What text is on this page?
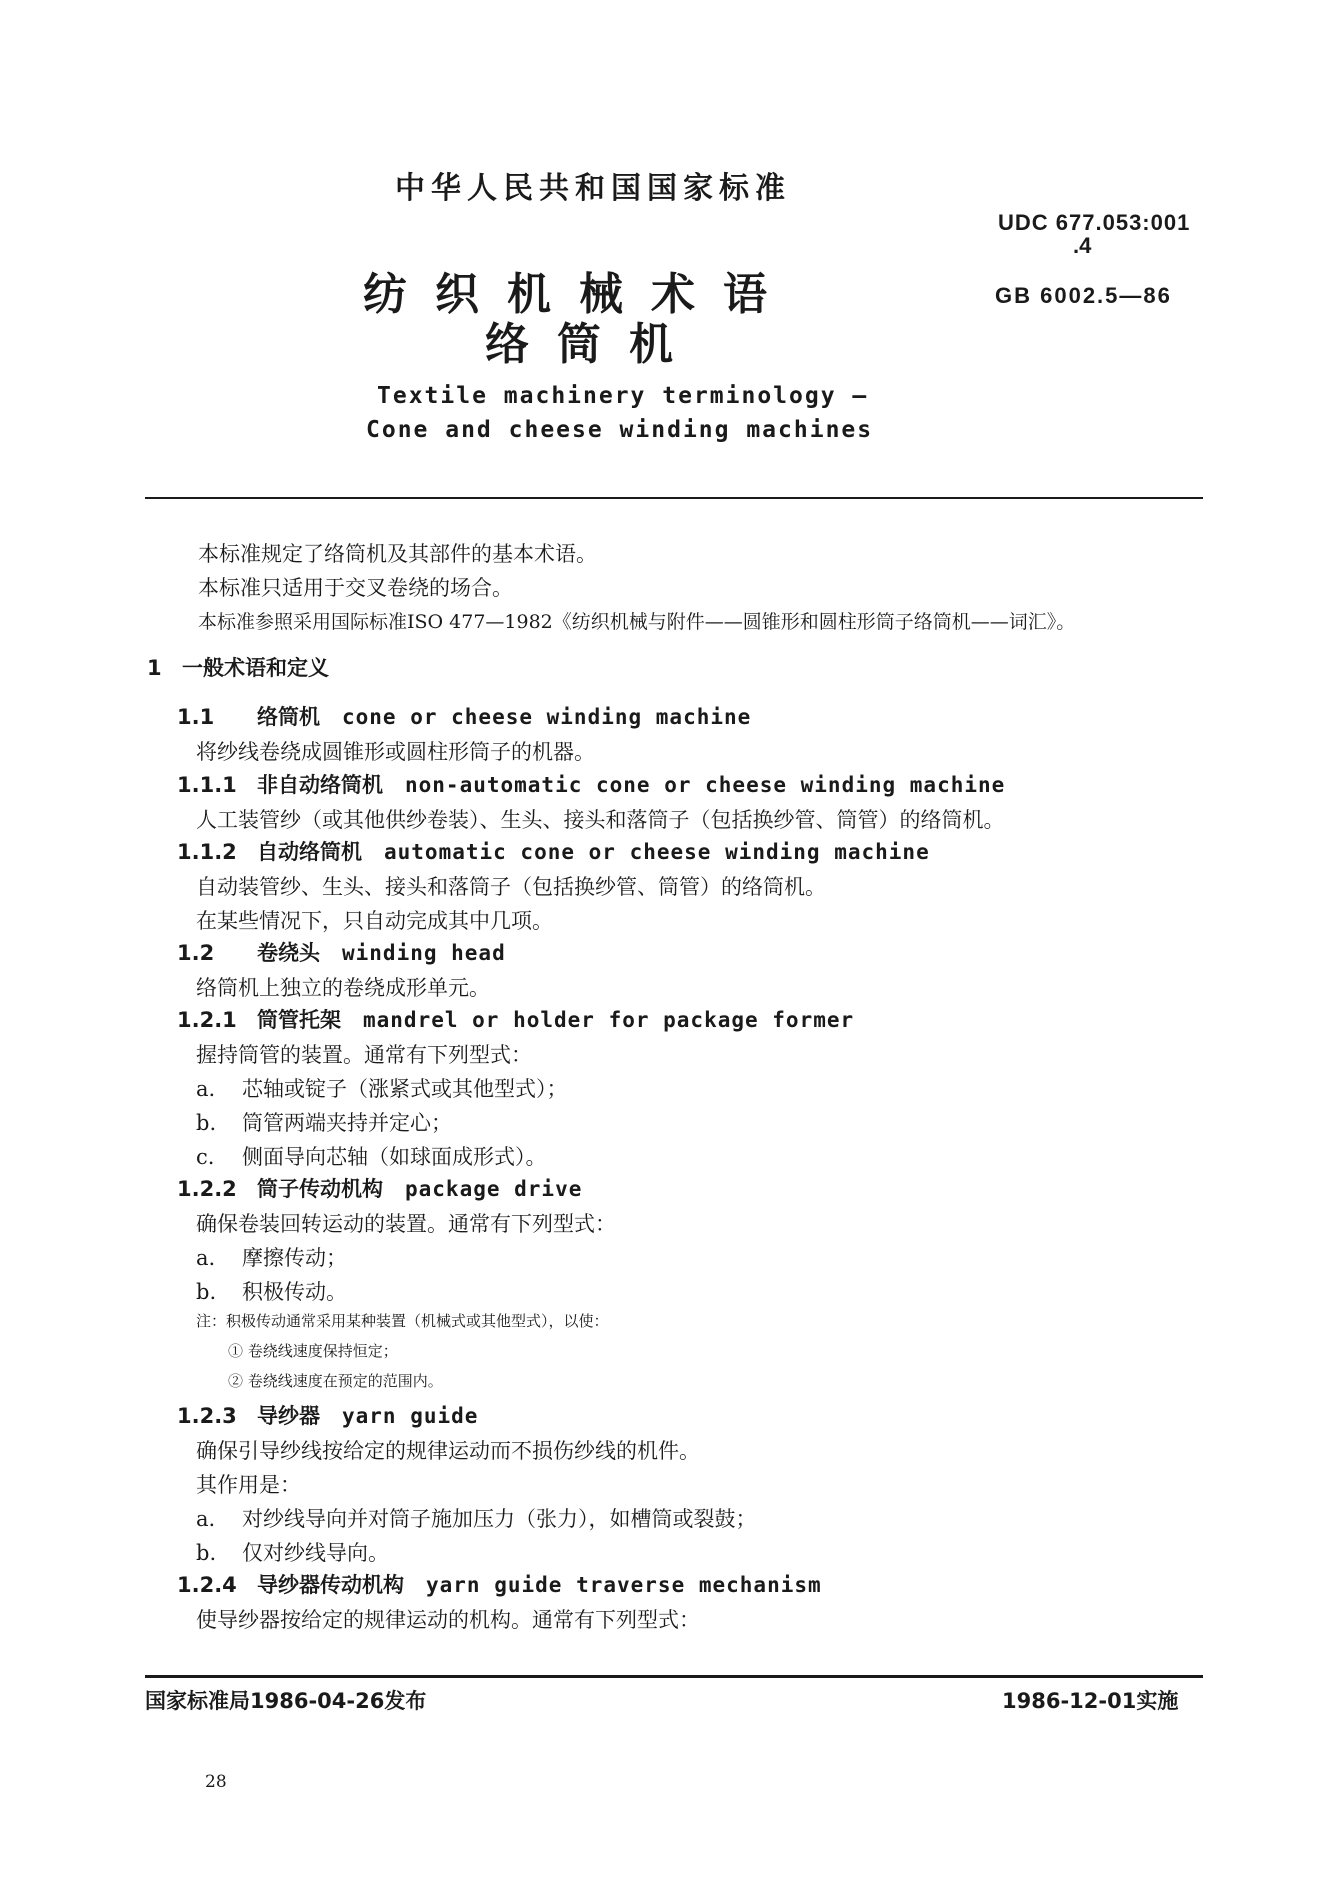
中华人民共和国国家标准
UDC 677.053:001
.4
GB 6002.5—86
纺织机械术语
络筒机
Textile machinery terminology —
Cone and cheese winding machines
本标准规定了络筒机及其部件的基本术语。
本标准只适用于交叉卷绕的场合。
本标准参照采用国际标准ISO 477—1982《纺织机械与附件——圆锥形和圆柱形筒子络筒机——词汇》。
1 一般术语和定义
1.1 络筒机 cone or cheese winding machine
将纱线卷绕成圆锥形或圆柱形筒子的机器。
1.1.1 非自动络筒机 non-automatic cone or cheese winding machine
人工装管纱（或其他供纱卷装）、生头、接头和落筒子（包括换纱管、筒管）的络筒机。
1.1.2 自动络筒机 automatic cone or cheese winding machine
自动装管纱、生头、接头和落筒子（包括换纱管、筒管）的络筒机。
在某些情况下，只自动完成其中几项。
1.2 卷绕头 winding head
络筒机上独立的卷绕成形单元。
1.2.1 筒管托架 mandrel or holder for package former
握持筒管的装置。通常有下列型式：
a. 芯轴或锭子（涨紧式或其他型式）；
b. 筒管两端夹持并定心；
c. 侧面导向芯轴（如球面成形式）。
1.2.2 筒子传动机构 package drive
确保卷装回转运动的装置。通常有下列型式：
a. 摩擦传动；
b. 积极传动。
注：积极传动通常采用某种装置（机械式或其他型式），以使：
① 卷绕线速度保持恒定；
② 卷绕线速度在预定的范围内。
1.2.3 导纱器 yarn guide
确保引导纱线按给定的规律运动而不损伤纱线的机件。
其作用是：
a. 对纱线导向并对筒子施加压力（张力），如槽筒或裂鼓；
b. 仅对纱线导向。
1.2.4 导纱器传动机构 yarn guide traverse mechanism
使导纱器按给定的规律运动的机构。通常有下列型式：
国家标准局1986-04-26发布	1986-12-01实施
28
